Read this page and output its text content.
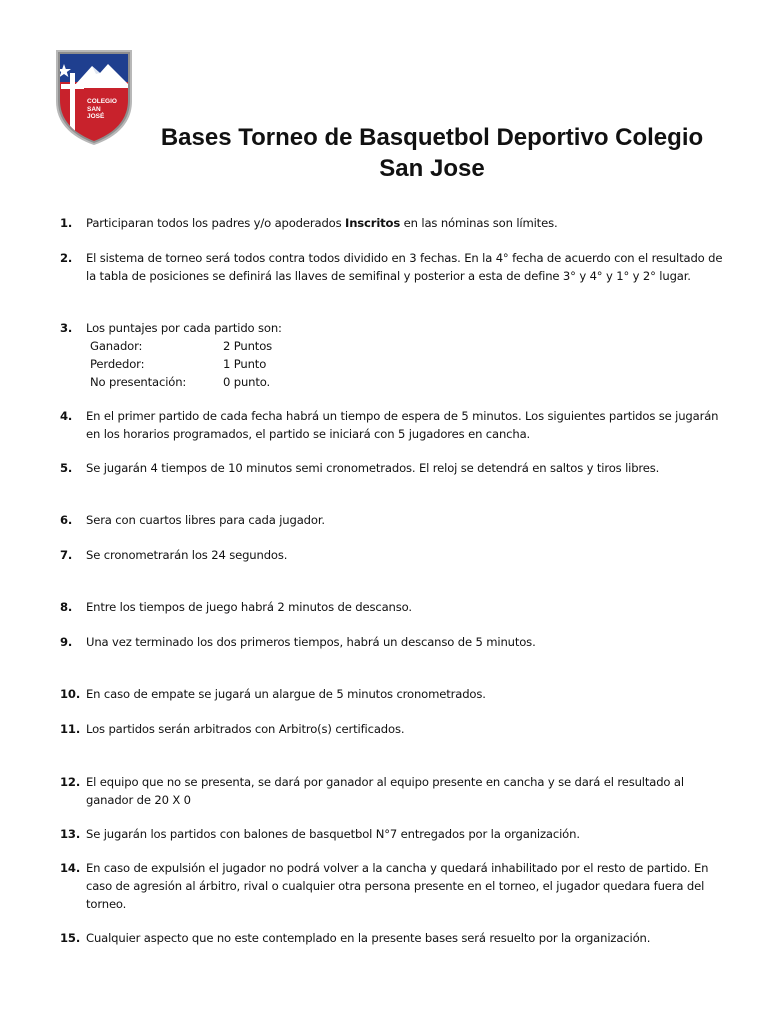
COLEGIO
SAN
JOSÉ
Bases Torneo de Basquetbol Deportivo Colegio San Jose
1. Participaran todos los padres y/o apoderados Inscritos en las nóminas son límites.
2. El sistema de torneo será todos contra todos dividido en 3 fechas. En la 4° fecha de acuerdo con el resultado de la tabla de posiciones se definirá las llaves de semifinal y posterior a esta de define 3° y 4° y 1° y 2° lugar.
3. Los puntajes por cada partido son:
Ganador:	2 Puntos
Perdedor:	1 Punto
No presentación:	0 punto.
4. En el primer partido de cada fecha habrá un tiempo de espera de 5 minutos. Los siguientes partidos se jugarán en los horarios programados, el partido se iniciará con 5 jugadores en cancha.
5. Se jugarán 4 tiempos de 10 minutos semi cronometrados. El reloj se detendrá en saltos y tiros libres.
6. Sera con cuartos libres para cada jugador.
7. Se cronometrarán los 24 segundos.
8. Entre los tiempos de juego habrá 2 minutos de descanso.
9. Una vez terminado los dos primeros tiempos, habrá un descanso de 5 minutos.
10. En caso de empate se jugará un alargue de 5 minutos cronometrados.
11. Los partidos serán arbitrados con Arbitro(s) certificados.
12. El equipo que no se presenta, se dará por ganador al equipo presente en cancha y se dará el resultado al ganador de 20 X 0
13. Se jugarán los partidos con balones de basquetbol N°7 entregados por la organización.
14. En caso de expulsión el jugador no podrá volver a la cancha y quedará inhabilitado por el resto de partido. En caso de agresión al árbitro, rival o cualquier otra persona presente en el torneo, el jugador quedara fuera del torneo.
15. Cualquier aspecto que no este contemplado en la presente bases será resuelto por la organización.
